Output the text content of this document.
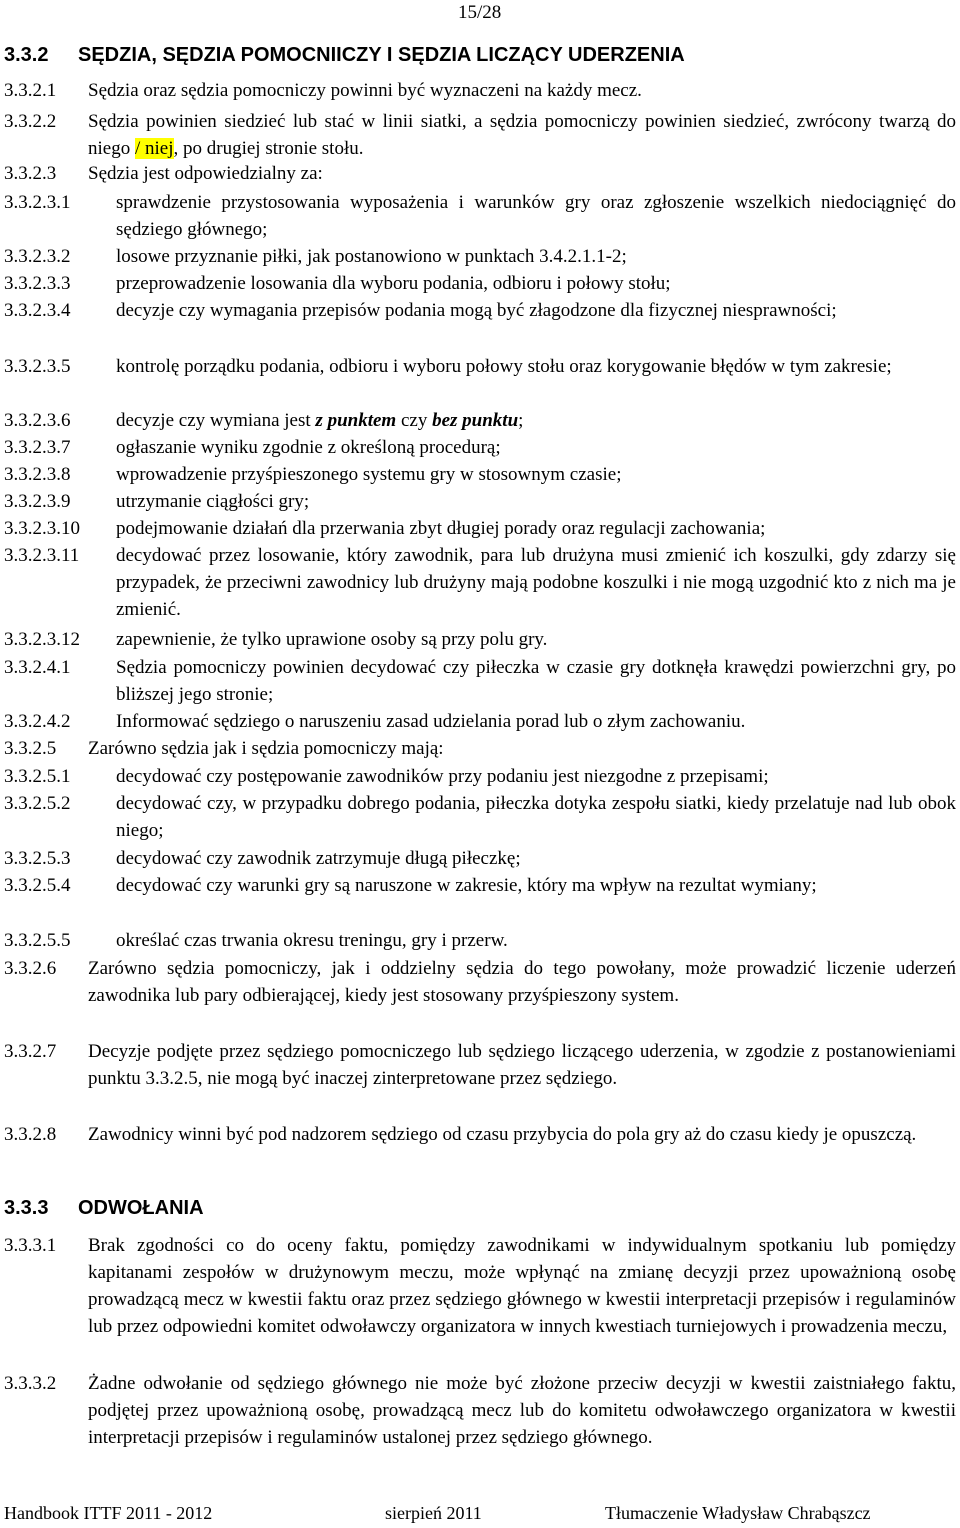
15/28
3.3.2 SĘDZIA, SĘDZIA POMOCNIICZY I SĘDZIA LICZĄCY UDERZENIA
3.3.2.1 Sędzia oraz sędzia pomocniczy powinni być wyznaczeni na każdy mecz.
3.3.2.2 Sędzia powinien siedzieć lub stać w linii siatki, a sędzia pomocniczy powinien siedzieć, zwrócony twarzą do niego / niej, po drugiej stronie stołu.
3.3.2.3 Sędzia jest odpowiedzialny za:
3.3.2.3.1 sprawdzenie przystosowania wyposażenia i warunków gry oraz zgłoszenie wszelkich niedociągnięć do sędziego głównego;
3.3.2.3.2 losowe przyznanie piłki, jak postanowiono w punktach 3.4.2.1.1-2;
3.3.2.3.3 przeprowadzenie losowania dla wyboru podania, odbioru i połowy stołu;
3.3.2.3.4 decyzje czy wymagania przepisów podania mogą być złagodzone dla fizycznej niesprawności;
3.3.2.3.5 kontrolę porządku podania, odbioru i wyboru połowy stołu oraz korygowanie błędów w tym zakresie;
3.3.2.3.6 decyzje czy wymiana jest z punktem czy bez punktu;
3.3.2.3.7 ogłaszanie wyniku zgodnie z określoną procedurą;
3.3.2.3.8 wprowadzenie przyśpieszonego systemu gry w stosownym czasie;
3.3.2.3.9 utrzymanie ciągłości gry;
3.3.2.3.10 podejmowanie działań dla przerwania zbyt długiej porady oraz regulacji zachowania;
3.3.2.3.11 decydować przez losowanie, który zawodnik, para lub drużyna musi zmienić ich koszulki, gdy zdarzy się przypadek, że przeciwni zawodnicy lub drużyny mają podobne koszulki i nie mogą uzgodnić kto z nich ma je zmienić.
3.3.2.3.12 zapewnienie, że tylko uprawione osoby są przy polu gry.
3.3.2.4.1 Sędzia pomocniczy powinien decydować czy piłeczka w czasie gry dotknęła krawędzi powierzchni gry, po bliższej jego stronie;
3.3.2.4.2 Informować sędziego o naruszeniu zasad udzielania porad lub o złym zachowaniu.
3.3.2.5 Zarówno sędzia jak i sędzia pomocniczy mają:
3.3.2.5.1 decydować czy postępowanie zawodników przy podaniu jest niezgodne z przepisami;
3.3.2.5.2 decydować czy, w przypadku dobrego podania, piłeczka dotyka zespołu siatki, kiedy przelatuje nad lub obok niego;
3.3.2.5.3 decydować czy zawodnik zatrzymuje długą piłeczkę;
3.3.2.5.4 decydować czy warunki gry są naruszone w zakresie, który ma wpływ na rezultat wymiany;
3.3.2.5.5 określać czas trwania okresu treningu, gry i przerw.
3.3.2.6 Zarówno sędzia pomocniczy, jak i oddzielny sędzia do tego powołany, może prowadzić liczenie uderzeń zawodnika lub pary odbierającej, kiedy jest stosowany przyśpieszony system.
3.3.2.7 Decyzje podjęte przez sędziego pomocniczego lub sędziego liczącego uderzenia, w zgodzie z postanowieniami punktu 3.3.2.5, nie mogą być inaczej zinterpretowane przez sędziego.
3.3.2.8 Zawodnicy winni być pod nadzorem sędziego od czasu przybycia do pola gry aż do czasu kiedy je opuszczą.
3.3.3 ODWOŁANIA
3.3.3.1 Brak zgodności co do oceny faktu, pomiędzy zawodnikami w indywidualnym spotkaniu lub pomiędzy kapitanami zespołów w drużynowym meczu, może wpłynąć na zmianę decyzji przez upoważnioną osobę prowadzącą mecz w kwestii faktu oraz przez sędziego głównego w kwestii interpretacji przepisów i regulaminów lub przez odpowiedni komitet odwoławczy organizatora w innych kwestiach turniejowych i prowadzenia meczu,
3.3.3.2 Żadne odwołanie od sędziego głównego nie może być złożone przeciw decyzji w kwestii zaistniałego faktu, podjętej przez upoważnioną osobę, prowadzącą mecz lub do komitetu odwoławczego organizatora w kwestii interpretacji przepisów i regulaminów ustalonej przez sędziego głównego.
Handbook ITTF 2011 - 2012	sierpień 2011	Tłumaczenie Władysław Chrabąszcz
